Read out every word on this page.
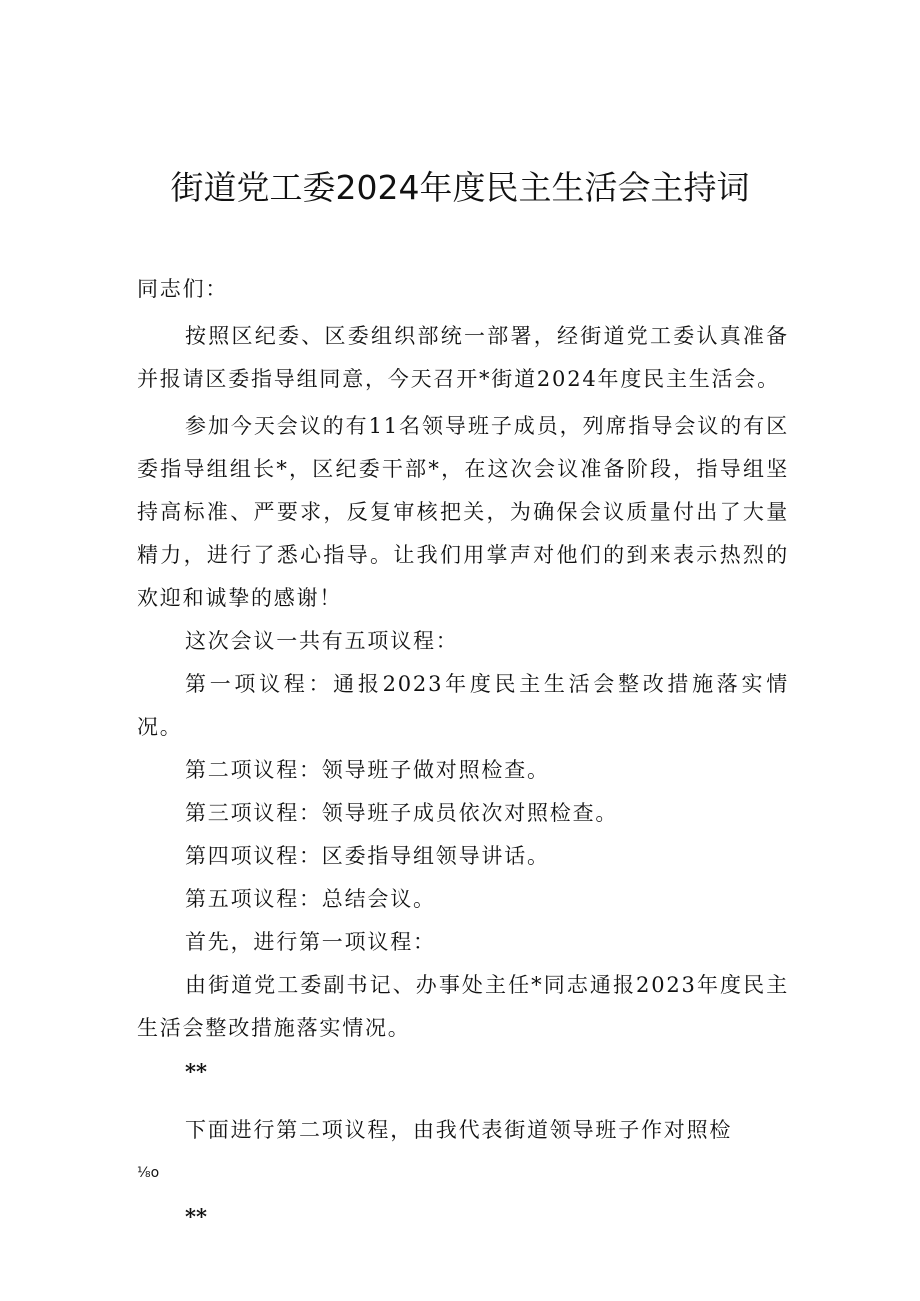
街道党工委2024年度民主生活会主持词

同志们：

按照区纪委、区委组织部统一部署，经街道党工委认真准备并报请区委指导组同意，今天召开*街道2024年度民主生活会。

参加今天会议的有11名领导班子成员，列席指导会议的有区委指导组组长*，区纪委干部*，在这次会议准备阶段，指导组坚持高标准、严要求，反复审核把关，为确保会议质量付出了大量精力，进行了悉心指导。让我们用掌声对他们的到来表示热烈的欢迎和诚挚的感谢！

这次会议一共有五项议程：

第一项议程：通报2023年度民主生活会整改措施落实情况。

第二项议程：领导班子做对照检查。

第三项议程：领导班子成员依次对照检查。

第四项议程：区委指导组领导讲话。

第五项议程：总结会议。

首先，进行第一项议程：

由街道党工委副书记、办事处主任*同志通报2023年度民主生活会整改措施落实情况。

**

下面进行第二项议程，由我代表街道领导班子作对照检

⅛o

**
